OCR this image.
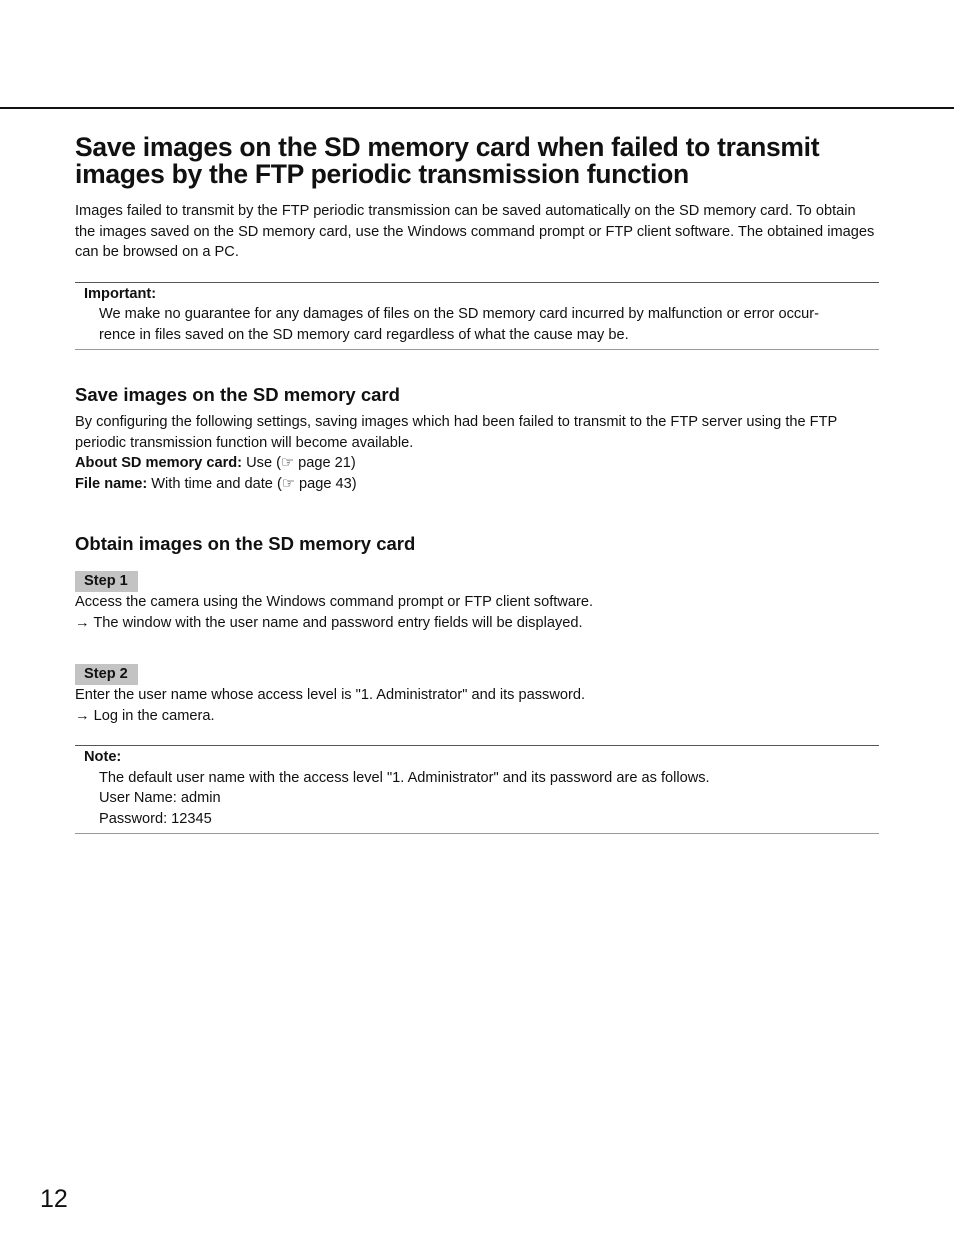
Save images on the SD memory card when failed to transmit images by the FTP periodic transmission function

Images failed to transmit by the FTP periodic transmission can be saved automatically on the SD memory card. To obtain the images saved on the SD memory card, use the Windows command prompt or FTP client software. The obtained images can be browsed on a PC.

Important:
We make no guarantee for any damages of files on the SD memory card incurred by malfunction or error occur-
rence in files saved on the SD memory card regardless of what the cause may be.
Save images on the SD memory card

By configuring the following settings, saving images which had been failed to transmit to the FTP server using the FTP periodic transmission function will become available.

About SD memory card: Use (☞ page 21)

File name: With time and date (☞ page 43)

Obtain images on the SD memory card
Step 1

Access the camera using the Windows command prompt or FTP client software.

→ The window with the user name and password entry fields will be displayed.

Step 2

Enter the user name whose access level is "1. Administrator" and its password.

→ Log in the camera.

Note:
The default user name with the access level "1. Administrator" and its password are as follows.
User Name: admin
Password: 12345
12
